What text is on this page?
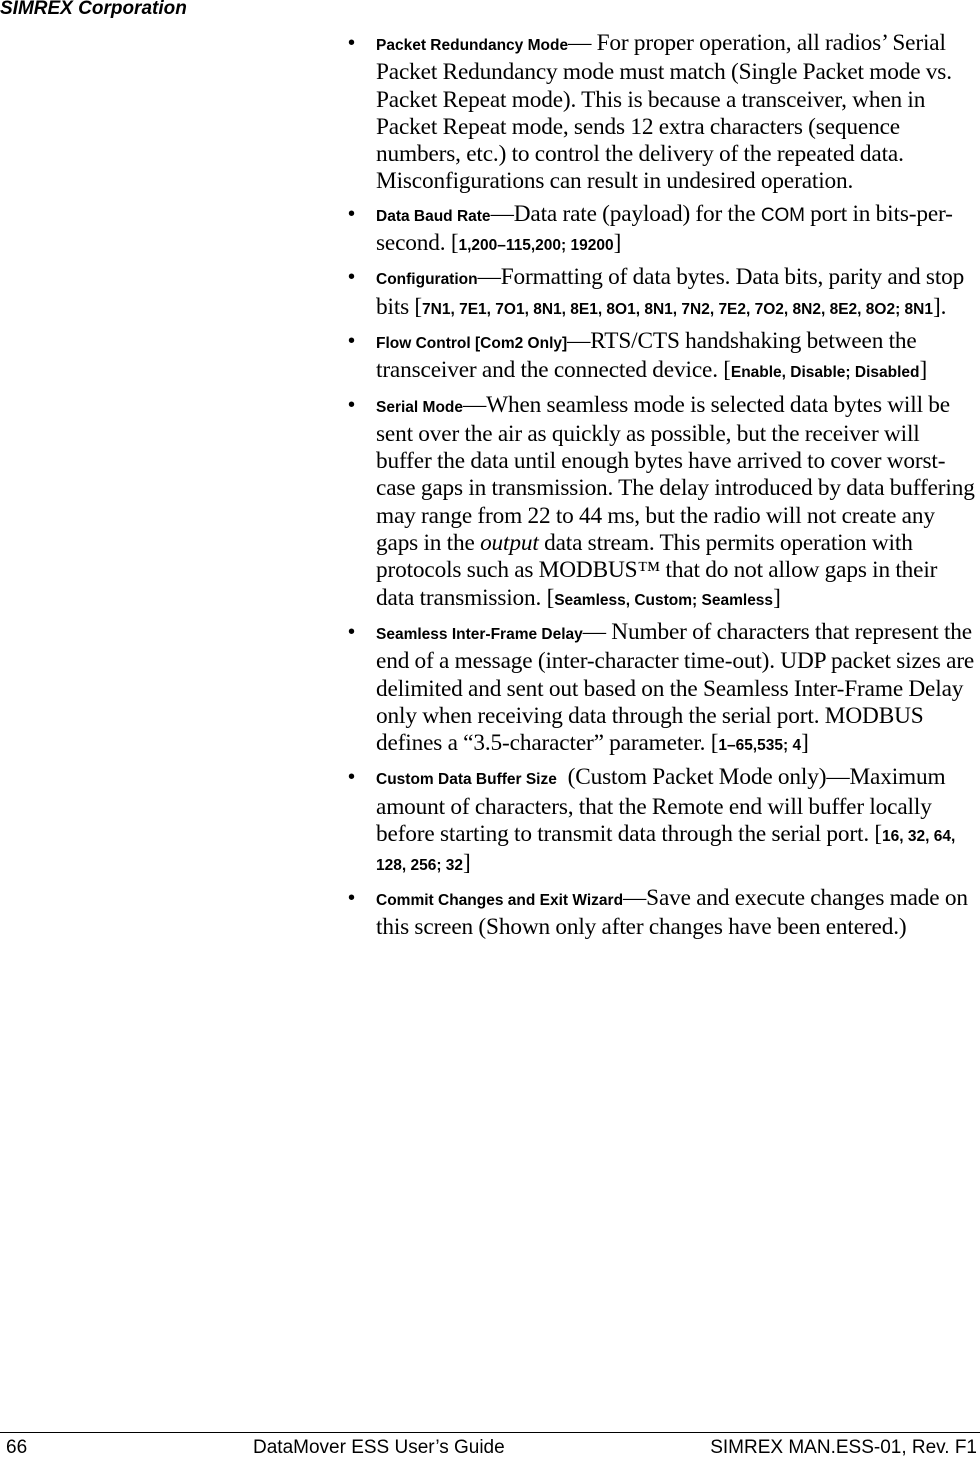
SIMREX Corporation
• Packet Redundancy Mode— For proper operation, all radios’ Serial Packet Redundancy mode must match (Single Packet mode vs. Packet Repeat mode). This is because a transceiver, when in Packet Repeat mode, sends 12 extra characters (sequence numbers, etc.) to control the delivery of the repeated data. Misconfigurations can result in undesired operation.
• Data Baud Rate—Data rate (payload) for the COM port in bits-per-second. [1,200–115,200; 19200]
• Configuration—Formatting of data bytes. Data bits, parity and stop bits [7N1, 7E1, 7O1, 8N1, 8E1, 8O1, 8N1, 7N2, 7E2, 7O2, 8N2, 8E2, 8O2; 8N1].
• Flow Control [Com2 Only]—RTS/CTS handshaking between the transceiver and the connected device. [Enable, Disable; Disabled]
• Serial Mode—When seamless mode is selected data bytes will be sent over the air as quickly as possible, but the receiver will buffer the data until enough bytes have arrived to cover worst-case gaps in transmission. The delay introduced by data buffering may range from 22 to 44 ms, but the radio will not create any gaps in the output data stream. This permits operation with protocols such as MODBUS™ that do not allow gaps in their data transmission. [Seamless, Custom; Seamless]
• Seamless Inter-Frame Delay— Number of characters that represent the end of a message (inter-character time-out). UDP packet sizes are delimited and sent out based on the Seamless Inter-Frame Delay only when receiving data through the serial port. MODBUS defines a “3.5-character” parameter. [1–65,535; 4]
• Custom Data Buffer Size  (Custom Packet Mode only)—Maximum amount of characters, that the Remote end will buffer locally before starting to transmit data through the serial port. [16, 32, 64, 128, 256; 32]
• Commit Changes and Exit Wizard—Save and execute changes made on this screen (Shown only after changes have been entered.)
66	DataMover ESS User’s Guide	SIMREX MAN.ESS-01, Rev. F1
